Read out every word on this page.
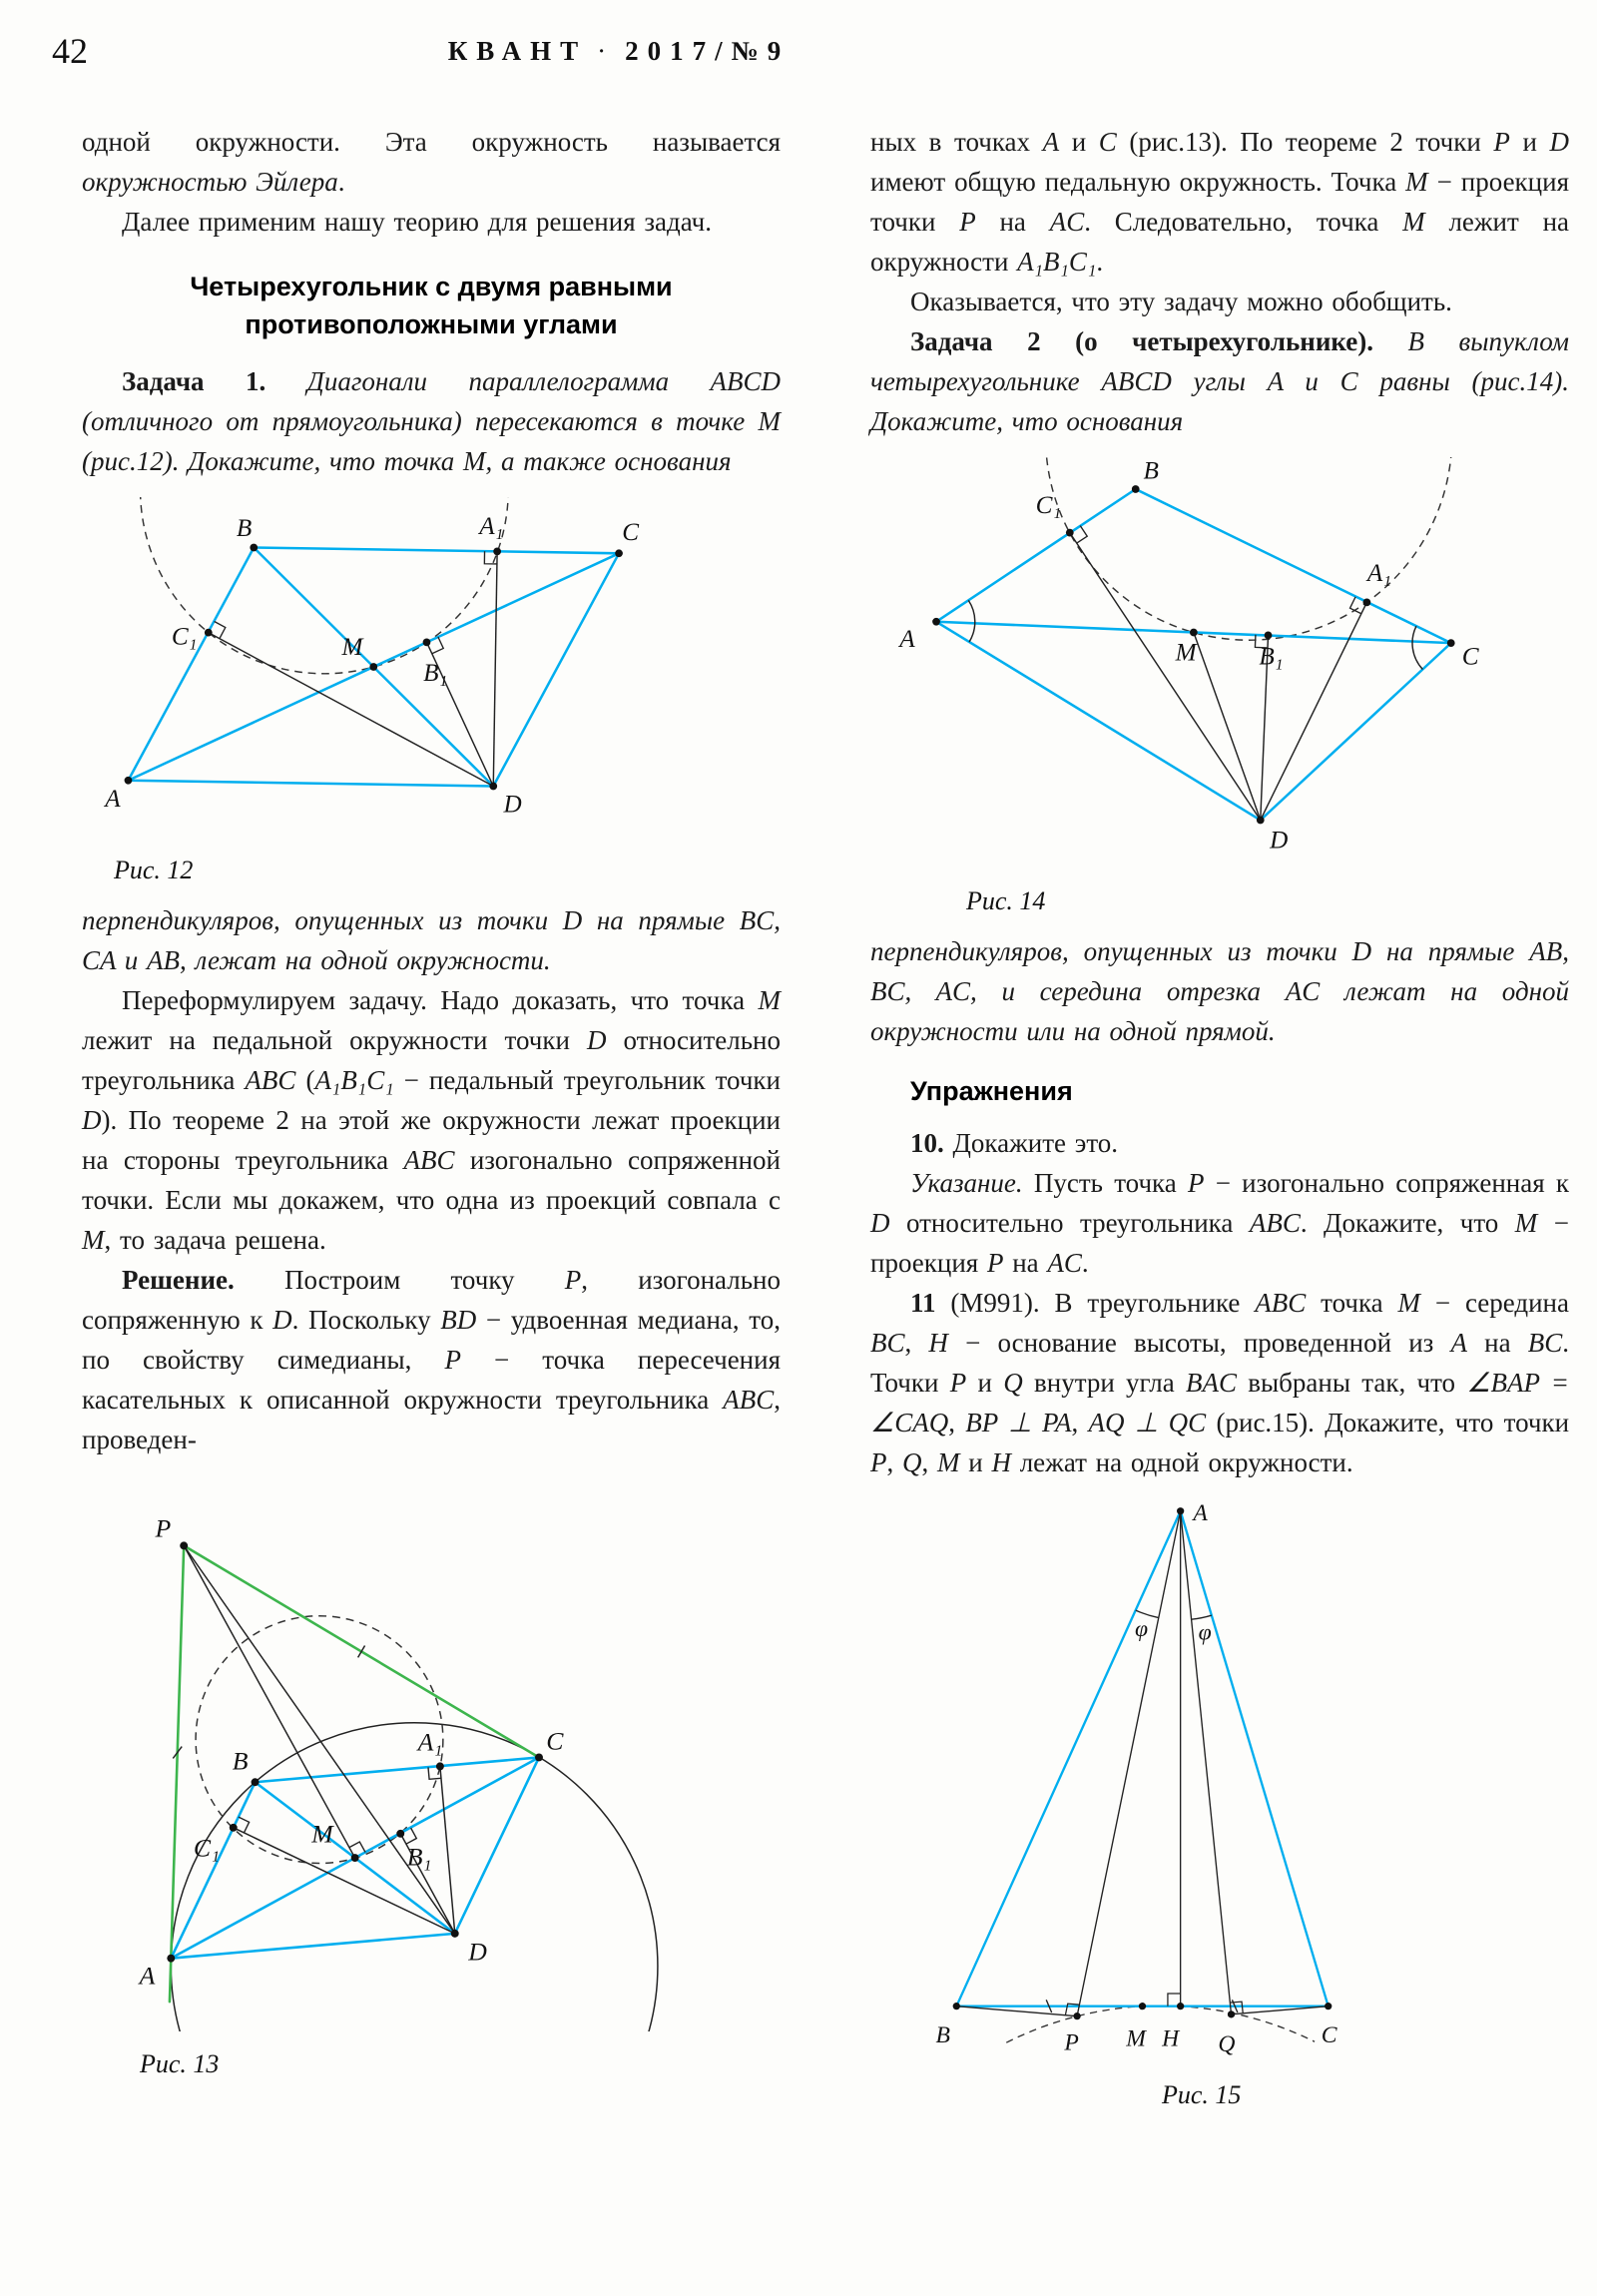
42	КВАНТ · 2017/№9

одной окружности. Эта окружность называется окружностью Эйлера.

Далее применим нашу теорию для решения задач.

Четырехугольник с двумя равными противоположными углами

Задача 1. Диагонали параллелограмма ABCD (отличного от прямоугольника) пересекаются в точке M (рис.12). Докажите, что точка M, а также основания

B	A₁	C
C₁	M
B₁
A	D
Рис. 12

перпендикуляров, опущенных из точки D на прямые BC, CA и AB, лежат на одной окружности.

Переформулируем задачу. Надо доказать, что точка M лежит на педальной окружности точки D относительно треугольника ABC (A₁B₁C₁ − педальный треугольник точки D). По теореме 2 на этой же окружности лежат проекции на стороны треугольника ABC изогонально сопряженной точки. Если мы докажем, что одна из проекций совпала с M, то задача решена.

Решение. Построим точку P, изогонально сопряженную к D. Поскольку BD − удвоенная медиана, то, по свойству симедианы, P − точка пересечения касательных к описанной окружности треугольника ABC, проведен-

P
B
A₁	C
C₁	M
B₁
A
D
Рис. 13

ных в точках A и C (рис.13). По теореме 2 точки P и D имеют общую педальную окружность. Точка M − проекция точки P на AC. Следовательно, точка M лежит на окружности A₁B₁C₁.

Оказывается, что эту задачу можно обобщить.

Задача 2 (о четырехугольнике). В выпуклом четырехугольнике ABCD углы A и C равны (рис.14). Докажите, что основания

B
C₁
A₁
A
M B₁	C
D
Рис. 14

перпендикуляров, опущенных из точки D на прямые AB, BC, AC, и середина отрезка AC лежат на одной окружности или на одной прямой.

Упражнения

10. Докажите это.

Указание. Пусть точка P − изогонально сопряженная к D относительно треугольника ABC. Докажите, что M − проекция P на AC.

11 (М991). В треугольнике ABC точка M − середина BC, H − основание высоты, проведенной из A на BC. Точки P и Q внутри угла BAC выбраны так, что ∠BAP = ∠CAQ, BP ⊥ PA, AQ ⊥ QC (рис.15). Докажите, что точки P, Q, M и H лежат на одной окружности.

A
φ φ
B	P M H Q	C
Рис. 15
